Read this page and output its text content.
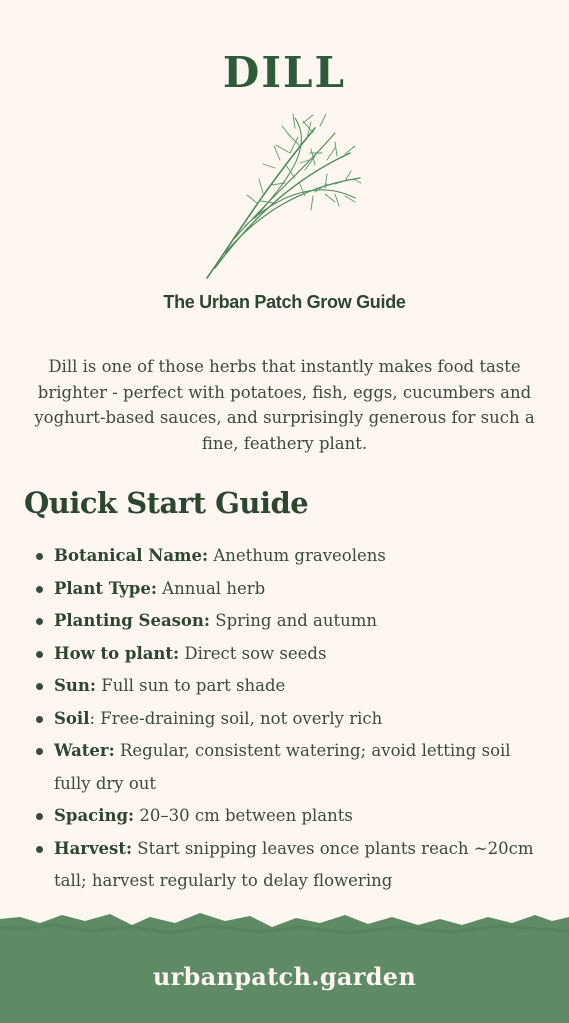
DILL
The Urban Patch Grow Guide
Dill is one of those herbs that instantly makes food taste brighter - perfect with potatoes, fish, eggs, cucumbers and yoghurt-based sauces, and surprisingly generous for such a fine, feathery plant.
Quick Start Guide
Botanical Name: Anethum graveolens
Plant Type: Annual herb
Planting Season: Spring and autumn
How to plant: Direct sow seeds
Sun: Full sun to part shade
Soil: Free-draining soil, not overly rich
Water: Regular, consistent watering; avoid letting soil fully dry out
Spacing: 20–30 cm between plants
Harvest: Start snipping leaves once plants reach ~20cm tall; harvest regularly to delay flowering
urbanpatch.garden
